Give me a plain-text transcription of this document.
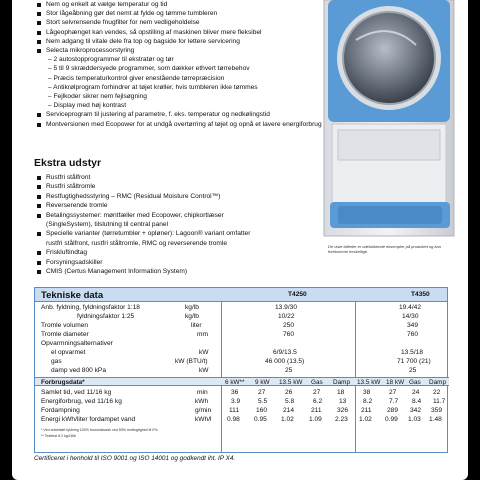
Nem og enkelt at vælge temperatur og tid
Stor lågeåbning gør det nemt at fylde og tømme tumbleren
Stort selvrensende fnugfilter for nem vedligeholdelse
Lågeophænget kan vendes, så opstilling af maskinen bliver mere fleksibel
Nem adgang til vitale dele fra top og bagside for lettere servicering
Selecta mikroprocessorstyring
– 2 autostopprogrammer til ekstratør og tør
– 5 til 9 skræddersyede programmer, som dækker ethvert tørrebehov
– Præcis temperaturkontrol giver enestående tørrepræcision
– Antikrølprogram forhindrer at tøjet krøller, hvis tumbleren ikke tømmes
– Fejlkoder sikrer nem fejlsøgning
– Display med høj kontrast
Serviceprogram til justering af parametre, f. eks. temperatur og nedkølingstid
Montversionen med Ecopower for at undgå overtørring af tøjet og opnå et lavere energiforbrug
Ekstra udstyr
Rustfri stålfront
Rustfri ståltromle
Restfugtighedsstyring – RMC (Residual Moisture Control™)
Reverserende tromle
Betalingssystemer: møntfæller med Ecopower, chipkortlæser
(SingleSystem), tilslutning til central panel
Specielle varianter (tørretumbler + opløner): Lagoon® variant omfatter
rustfri stålfront, rustfri ståltromle, RMC og reverserende tromle
Friskluftindtag
Forsyningsadskiller
CMIS (Certus Management Information System)
De viste billeder er udelukkende eksempler på produktet og kan forekomme forskellige.
Tekniske data	T4250	T4350
Anb. fyldning, fyldningsfaktor 1:18	kg/lb	13.9/30	19.4/42
fyldningsfaktor 1:25	kg/lb	10/22	14/30
Tromle volumen	liter	250	349
Tromle diameter	mm	760	760
Opvarmningsalternativer
el opvarmet	kW	6/9/13.5	13.5/18
gas	kW (BTU/t)	46 000 (13.5)	71 700 (21)
damp ved 800 kPa	kW	25	25
Forbrugsdata*	6 kW** 9 kW 13.5 kW Gas Damp 13.5 kW 18 kW Gas Damp
Samlet tid, ved 11/16 kg	min	36	27	26	27	18	38	27 24 22
Energiforbrug, ved 11/16 kg	kWh	3.9	5.5	5.8	6.2	13	8.2	7.7 8.4 11.7
Fordampning	g/min	111	160 214	211 326 211 289 342 359
Energi kWh/liter fordampet vand	kWh/l 0.98 0.95 1.02 1.09 2.23 1.02 0.99 1.03 1.48
* Ved anbefalet fyldning 100% bomuldsvask ved 50% restfugtighed til 0%.
** Testtest 8.2 kg/18lb
Certificeret i henhold til ISO 9001 og ISO 14001 og godkendt iht. IP X4.
